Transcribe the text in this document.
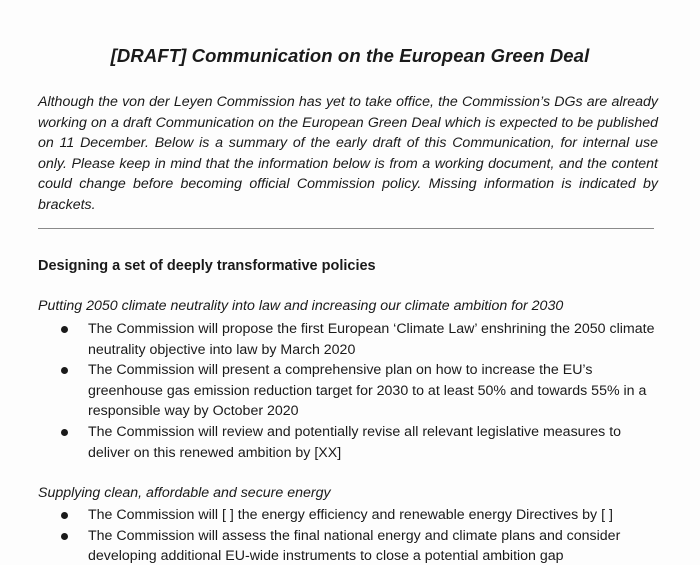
[DRAFT] Communication on the European Green Deal

Although the von der Leyen Commission has yet to take office, the Commission’s DGs are already working on a draft Communication on the European Green Deal which is expected to be published on 11 December. Below is a summary of the early draft of this Communication, for internal use only. Please keep in mind that the information below is from a working document, and the content could change before becoming official Commission policy. Missing information is indicated by brackets.

Designing a set of deeply transformative policies

Putting 2050 climate neutrality into law and increasing our climate ambition for 2030

The Commission will propose the first European ‘Climate Law’ enshrining the 2050 climate neutrality objective into law by March 2020
The Commission will present a comprehensive plan on how to increase the EU’s greenhouse gas emission reduction target for 2030 to at least 50% and towards 55% in a responsible way by October 2020
The Commission will review and potentially revise all relevant legislative measures to deliver on this renewed ambition by [XX]

Supplying clean, affordable and secure energy

The Commission will [ ] the energy efficiency and renewable energy Directives by [ ]
The Commission will assess the final national energy and climate plans and consider developing additional EU-wide instruments to close a potential ambition gap
